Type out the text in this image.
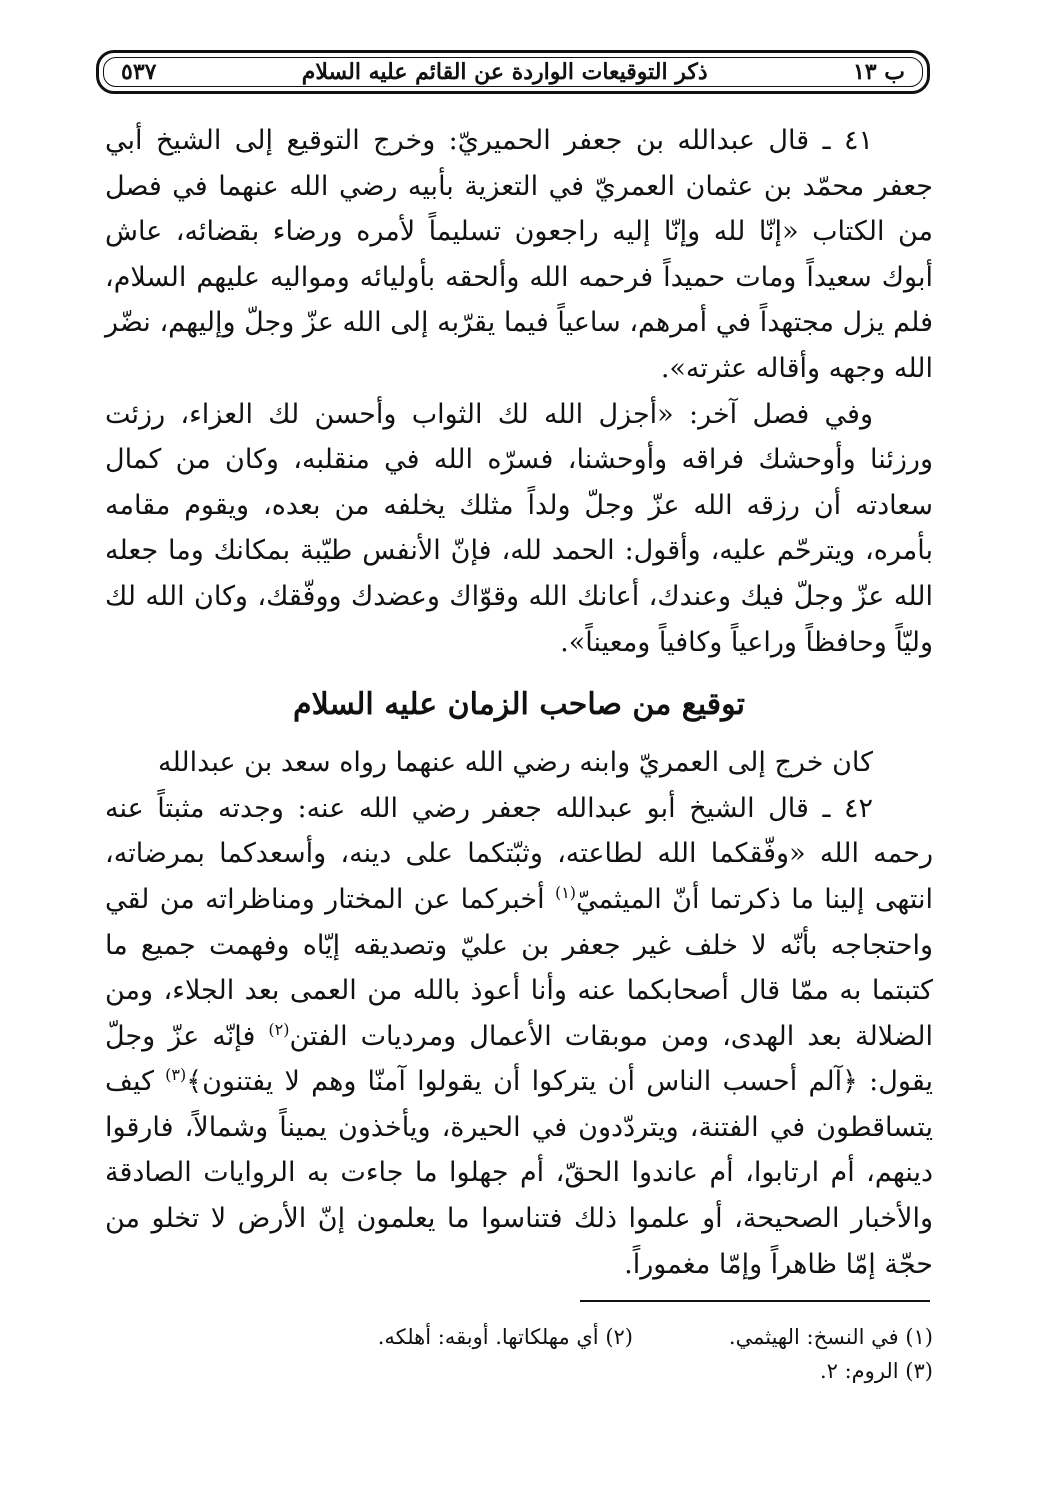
ب ١٣
ذكر التوقيعات الواردة عن القائم عليه السلام
٥٣٧

٤١ ـ قال عبدالله بن جعفر الحميريّ: وخرج التوقيع إلى الشيخ أبي جعفر محمّد بن عثمان العمريّ في التعزية بأبيه رضي الله عنهما في فصل من الكتاب «إنّا لله وإنّا إليه راجعون تسليماً لأمره ورضاء بقضائه، عاش أبوك سعيداً ومات حميداً فرحمه الله وألحقه بأوليائه ومواليه عليهم السلام، فلم يزل مجتهداً في أمرهم، ساعياً فيما يقرّبه إلى الله عزّ وجلّ وإليهم، نضّر الله وجهه وأقاله عثرته».

وفي فصل آخر: «أجزل الله لك الثواب وأحسن لك العزاء، رزئت ورزئنا وأوحشك فراقه وأوحشنا، فسرّه الله في منقلبه، وكان من كمال سعادته أن رزقه الله عزّ وجلّ ولداً مثلك يخلفه من بعده، ويقوم مقامه بأمره، ويترحّم عليه، وأقول: الحمد لله، فإنّ الأنفس طيّبة بمكانك وما جعله الله عزّ وجلّ فيك وعندك، أعانك الله وقوّاك وعضدك ووفّقك، وكان الله لك وليّاً وحافظاً وراعياً وكافياً ومعيناً».

توقيع من صاحب الزمان عليه السلام

كان خرج إلى العمريّ وابنه رضي الله عنهما رواه سعد بن عبدالله

٤٢ ـ قال الشيخ أبو عبدالله جعفر رضي الله عنه: وجدته مثبتاً عنه رحمه الله «وفّقكما الله لطاعته، وثبّتكما على دينه، وأسعدكما بمرضاته، انتهى إلينا ما ذكرتما أنّ الميثميّ$^{(١)}$ أخبركما عن المختار ومناظراته من لقي واحتجاجه بأنّه لا خلف غير جعفر بن عليّ وتصديقه إيّاه وفهمت جميع ما كتبتما به ممّا قال أصحابكما عنه وأنا أعوذ بالله من العمى بعد الجلاء، ومن الضلالة بعد الهدى، ومن موبقات الأعمال ومرديات الفتن$^{(٢)}$ فإنّه عزّ وجلّ يقول: ﴿آلم أحسب الناس أن يتركوا أن يقولوا آمنّا وهم لا يفتنون﴾$^{(٣)}$ كيف يتساقطون في الفتنة، ويتردّدون في الحيرة، ويأخذون يميناً وشمالاً، فارقوا دينهم، أم ارتابوا، أم عاندوا الحقّ، أم جهلوا ما جاءت به الروايات الصادقة والأخبار الصحيحة، أو علموا ذلك فتناسوا ما يعلمون إنّ الأرض لا تخلو من حجّة إمّا ظاهراً وإمّا مغموراً.

(١) في النسخ: الهيثمي.
(٢) أي مهلكاتها. أوبقه: أهلكه.
(٣) الروم: ٢.
